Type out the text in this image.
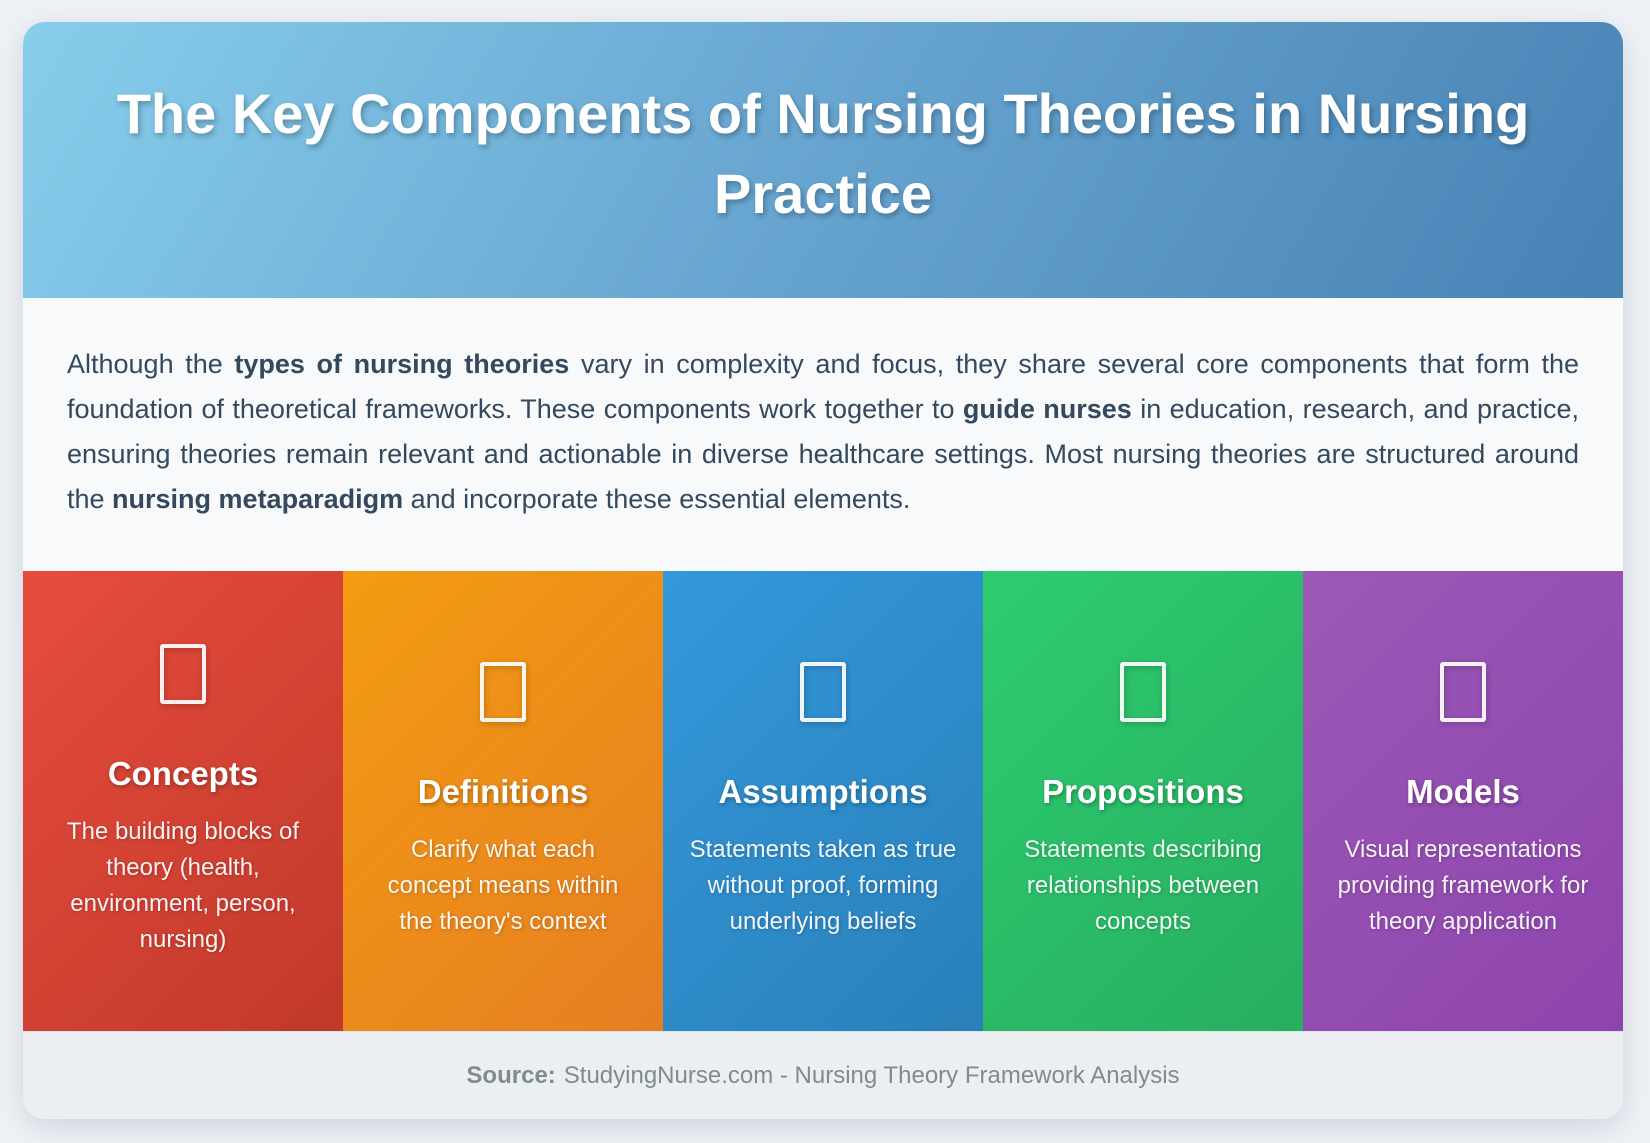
The Key Components of Nursing Theories in Nursing Practice

Although the types of nursing theories vary in complexity and focus, they share several core components that form the foundation of theoretical frameworks. These components work together to guide nurses in education, research, and practice, ensuring theories remain relevant and actionable in diverse healthcare settings. Most nursing theories are structured around the nursing metaparadigm and incorporate these essential elements.

Concepts
The building blocks of theory (health, environment, person, nursing)
Definitions
Clarify what each concept means within the theory's context
Assumptions
Statements taken as true without proof, forming underlying beliefs
Propositions
Statements describing relationships between concepts
Models
Visual representations providing framework for theory application
Source: StudyingNurse.com - Nursing Theory Framework Analysis
